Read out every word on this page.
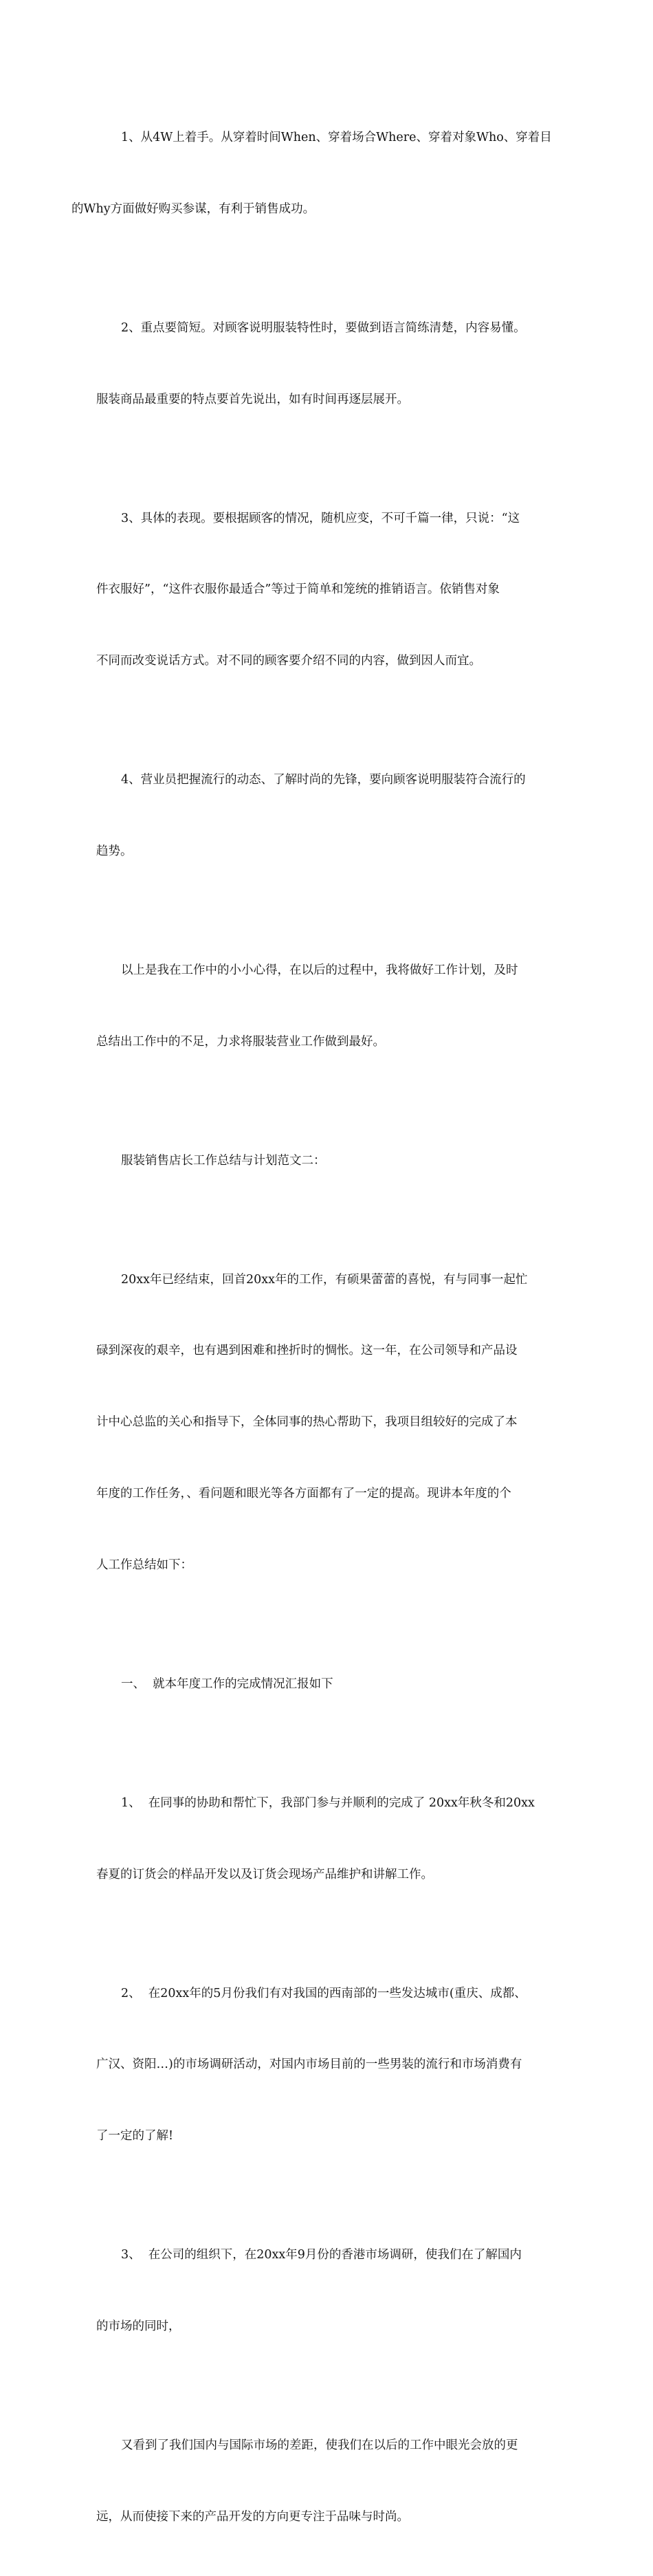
1、从4W上着手。从穿着时间When、穿着场合Where、穿着对象Who、穿着目

的Why方面做好购买参谋，有利于销售成功。

2、重点要简短。对顾客说明服装特性时，要做到语言简练清楚，内容易懂。

服装商品最重要的特点要首先说出，如有时间再逐层展开。

3、具体的表现。要根据顾客的情况，随机应变，不可千篇一律，只说：“这

件衣服好”，“这件衣服你最适合”等过于简单和笼统的推销语言。依销售对象

不同而改变说话方式。对不同的顾客要介绍不同的内容，做到因人而宜。

4、营业员把握流行的动态、了解时尚的先锋，要向顾客说明服装符合流行的

趋势。

以上是我在工作中的小小心得，在以后的过程中，我将做好工作计划，及时

总结出工作中的不足，力求将服装营业工作做到最好。

服装销售店长工作总结与计划范文二：

20xx年已经结束，回首20xx年的工作，有硕果蕾蕾的喜悦，有与同事一起忙

碌到深夜的艰辛，也有遇到困难和挫折时的惆怅。这一年，在公司领导和产品设

计中心总监的关心和指导下，全体同事的热心帮助下，我项目组较好的完成了本

年度的工作任务，、看问题和眼光等各方面都有了一定的提高。现讲本年度的个

人工作总结如下：

一、  就本年度工作的完成情况汇报如下

1、  在同事的协助和帮忙下，我部门参与并顺利的完成了 20xx年秋冬和20xx

春夏的订货会的样品开发以及订货会现场产品维护和讲解工作。

2、  在20xx年的5月份我们有对我国的西南部的一些发达城市(重庆、成都、

广汉、资阳…)的市场调研活动，对国内市场目前的一些男装的流行和市场消费有

了一定的了解!

3、  在公司的组织下，在20xx年9月份的香港市场调研，使我们在了解国内

的市场的同时，

又看到了我们国内与国际市场的差距，使我们在以后的工作中眼光会放的更

远，从而使接下来的产品开发的方向更专注于品味与时尚。
